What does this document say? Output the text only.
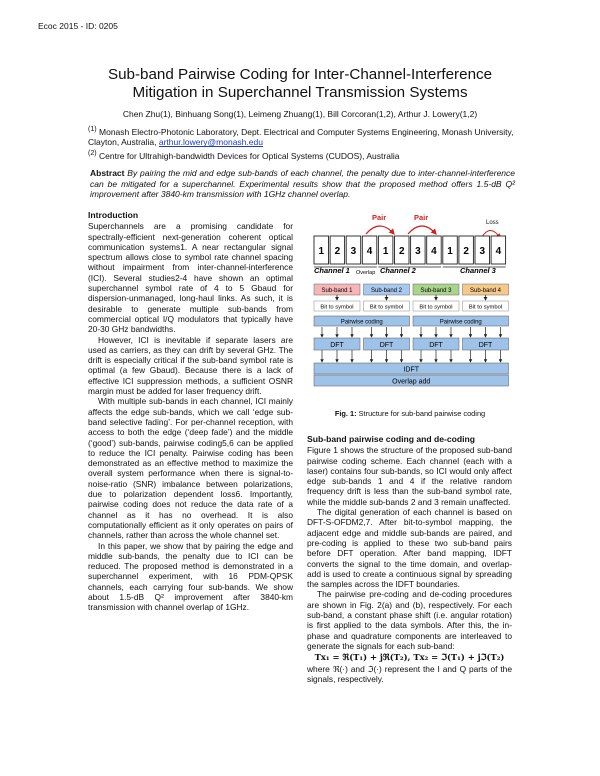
Ecoc 2015 - ID: 0205
Sub-band Pairwise Coding for Inter-Channel-Interference
Mitigation in Superchannel Transmission Systems
Chen Zhu(1), Binhuang Song(1), Leimeng Zhuang(1), Bill Corcoran(1,2), Arthur J. Lowery(1,2)
$^{(1)}$ Monash Electro-Photonic Laboratory, Dept. Electrical and Computer Systems Engineering, Monash University, Clayton, Australia, arthur.lowery@monash.edu
$^{(2)}$ Centre for Ultrahigh-bandwidth Devices for Optical Systems (CUDOS), Australia
Abstract By pairing the mid and edge sub-bands of each channel, the penalty due to inter-channel-interference can be mitigated for a superchannel. Experimental results show that the proposed method offers 1.5-dB Q² improvement after 3840-km transmission with 1GHz channel overlap.
Introduction

Superchannels are a promising candidate for spectrally-efficient next-generation coherent optical communication systems1. A near rectangular signal spectrum allows close to symbol rate channel spacing without impairment from inter-channel-interference (ICI). Several studies2-4 have shown an optimal superchannel symbol rate of 4 to 5 Gbaud for dispersion-unmanaged, long-haul links. As such, it is desirable to generate multiple sub-bands from commercial optical I/Q modulators that typically have 20-30 GHz bandwidths.

However, ICI is inevitable if separate lasers are used as carriers, as they can drift by several GHz. The drift is especially critical if the sub-band symbol rate is optimal (a few Gbaud). Because there is a lack of effective ICI suppression methods, a sufficient OSNR margin must be added for laser frequency drift.

With multiple sub-bands in each channel, ICI mainly affects the edge sub-bands, which we call ‘edge sub-band selective fading’. For per-channel reception, with access to both the edge (‘deep fade’) and the middle (‘good’) sub-bands, pairwise coding5,6 can be applied to reduce the ICI penalty. Pairwise coding has been demonstrated as an effective method to maximize the overall system performance when there is signal-to-noise-ratio (SNR) imbalance between polarizations, due to polarization dependent loss6. Importantly, pairwise coding does not reduce the data rate of a channel as it has no overhead. It is also computationally efficient as it only operates on pairs of channels, rather than across the whole channel set.

In this paper, we show that by pairing the edge and middle sub-bands, the penalty due to ICI can be reduced. The proposed method is demonstrated in a superchannel experiment, with 16 PDM-QPSK channels, each carrying four sub-bands. We show about 1.5-dB Q² improvement after 3840-km transmission with channel overlap of 1GHz.

Pair	Pair
Loss
1 2 3 4 1 2 3 4 1 2 3 4
Channel 1 Overlap Channel 2	Channel 3
Sub-band 1
Bit to symbol
Sub-band 2
Bit to symbol
Sub-band 3
Bit to symbol
Sub-band 4
Bit to symbol
Pairwise coding	Pairwise coding
DFT	DFT	DFT	DFT
IDFT
Overlap add
Fig. 1: Structure for sub-band pairwise coding
Sub-band pairwise coding and de-coding

Figure 1 shows the structure of the proposed sub-band pairwise coding scheme. Each channel (each with a laser) contains four sub-bands, so ICI would only affect edge sub-bands 1 and 4 if the relative random frequency drift is less than the sub-band symbol rate, while the middle sub-bands 2 and 3 remain unaffected.

The digital generation of each channel is based on DFT-S-OFDM2,7. After bit-to-symbol mapping, the adjacent edge and middle sub-bands are paired, and pre-coding is applied to these two sub-band pairs before DFT operation. After band mapping, IDFT converts the signal to the time domain, and overlap-add is used to create a continuous signal by spreading the samples across the IDFT boundaries.

The pairwise pre-coding and de-coding procedures are shown in Fig. 2(a) and (b), respectively. For each sub-band, a constant phase shift (i.e. angular rotation) is first applied to the data symbols. After this, the in-phase and quadrature components are interleaved to generate the signals for each sub-band:

Tx₁ = ℜ(T₁) + jℜ(T₂), Tx₂ = ℑ(T₁) + jℑ(T₂)

where ℜ(·) and ℑ(·) represent the I and Q parts of the signals, respectively.
